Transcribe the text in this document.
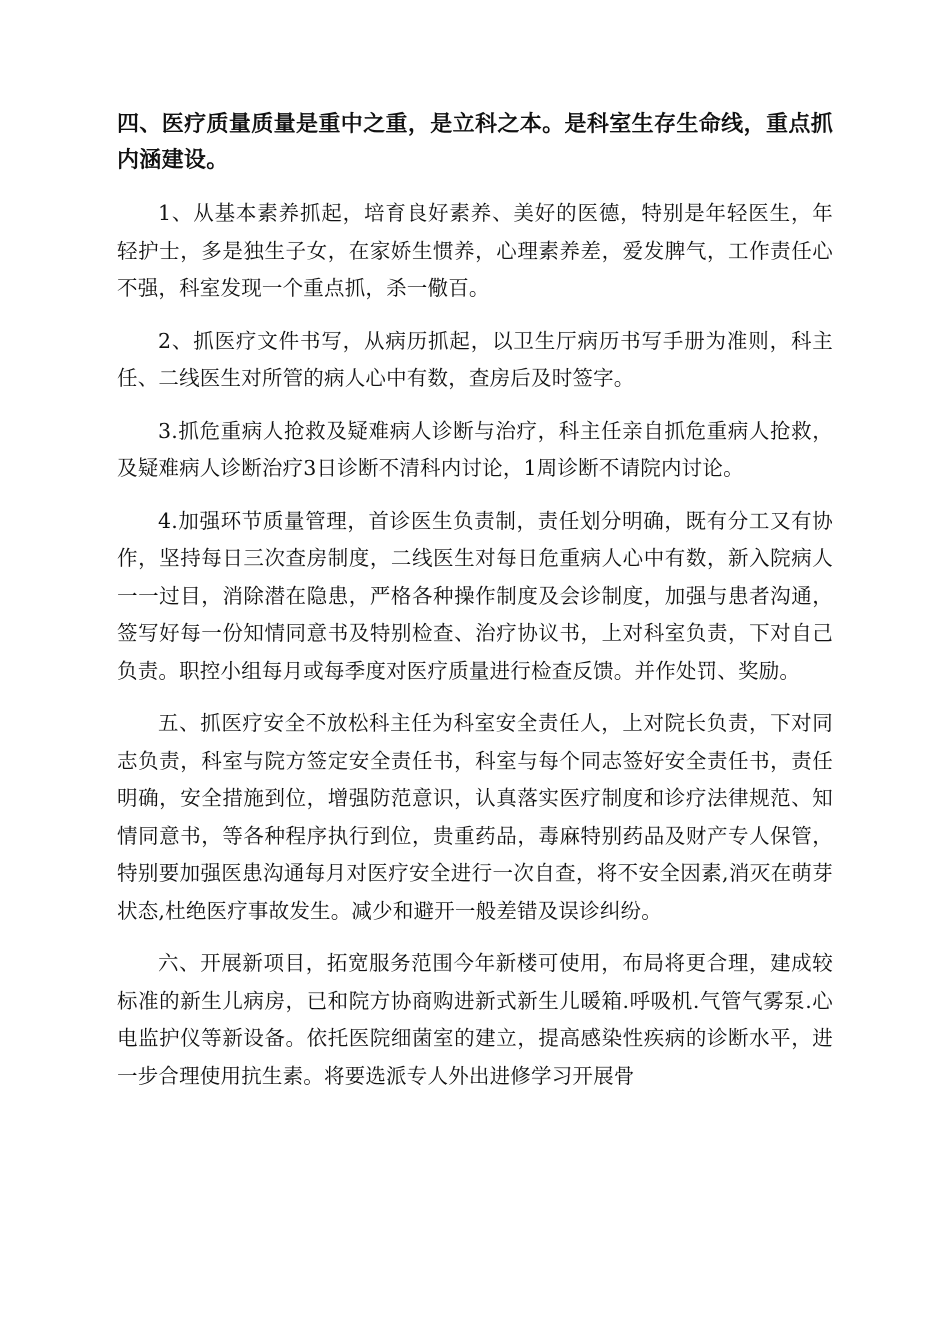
四、医疗质量质量是重中之重，是立科之本。是科室生存生命线，重点抓内涵建设。

1、从基本素养抓起，培育良好素养、美好的医德，特别是年轻医生，年轻护士，多是独生子女，在家娇生惯养，心理素养差，爱发脾气，工作责任心不强，科室发现一个重点抓，杀一儆百。

2、抓医疗文件书写，从病历抓起，以卫生厅病历书写手册为准则，科主任、二线医生对所管的病人心中有数，查房后及时签字。

3.抓危重病人抢救及疑难病人诊断与治疗，科主任亲自抓危重病人抢救，及疑难病人诊断治疗3日诊断不清科内讨论，1周诊断不请院内讨论。

4.加强环节质量管理，首诊医生负责制，责任划分明确，既有分工又有协作，坚持每日三次查房制度，二线医生对每日危重病人心中有数，新入院病人一一过目，消除潜在隐患，严格各种操作制度及会诊制度，加强与患者沟通，签写好每一份知情同意书及特别检查、治疗协议书，上对科室负责，下对自己负责。职控小组每月或每季度对医疗质量进行检查反馈。并作处罚、奖励。

五、抓医疗安全不放松科主任为科室安全责任人，上对院长负责，下对同志负责，科室与院方签定安全责任书，科室与每个同志签好安全责任书，责任明确，安全措施到位，增强防范意识，认真落实医疗制度和诊疗法律规范、知情同意书，等各种程序执行到位，贵重药品，毒麻特别药品及财产专人保管，特别要加强医患沟通每月对医疗安全进行一次自查，将不安全因素,消灭在萌芽状态,杜绝医疗事故发生。减少和避开一般差错及误诊纠纷。

六、开展新项目，拓宽服务范围今年新楼可使用，布局将更合理，建成较标准的新生儿病房，已和院方协商购进新式新生儿暖箱.呼吸机.气管气雾泵.心电监护仪等新设备。依托医院细菌室的建立，提高感染性疾病的诊断水平，进一步合理使用抗生素。将要选派专人外出进修学习开展骨
